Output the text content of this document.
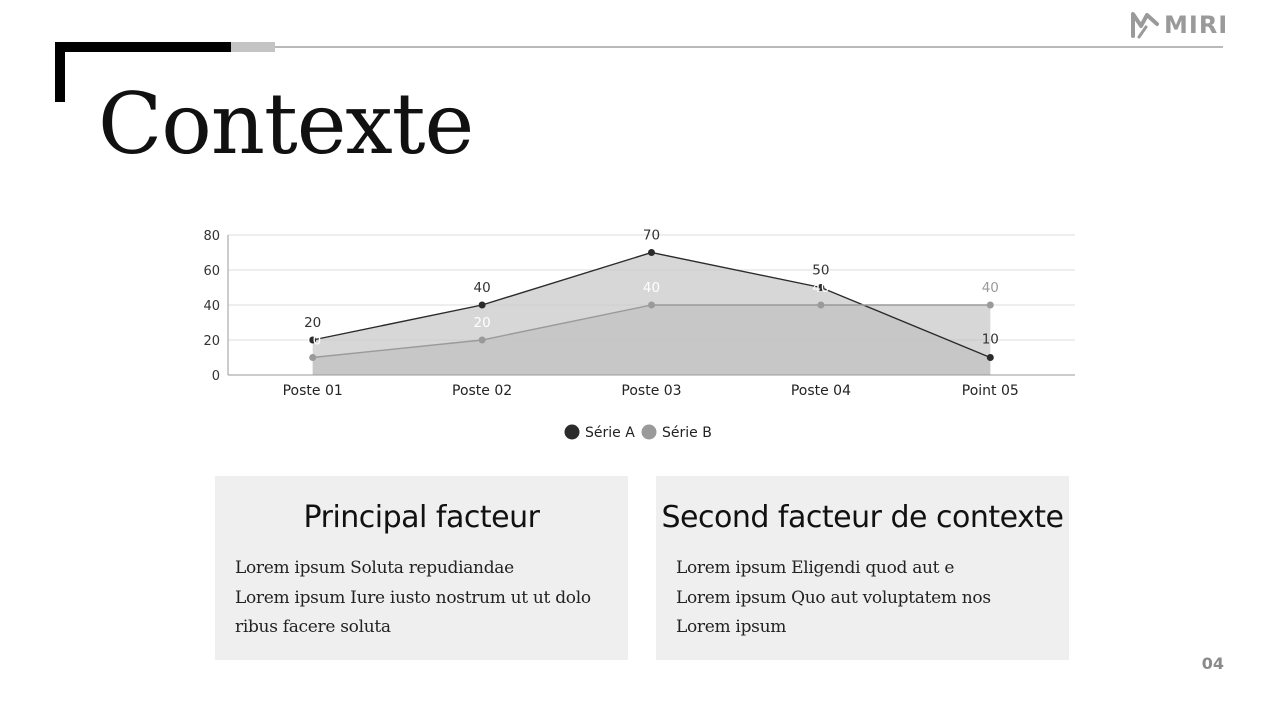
MIRI
Contexte
0
20
40
60
80
20
40
70
50
10
10
20
40	40	40
Poste 01	Poste 02	Poste 03	Poste 04	Point 05
Série A Série B
Principal facteur
Lorem ipsum Soluta repudiandae
Lorem ipsum Iure iusto nostrum ut ut dolo
ribus facere soluta
Second facteur de contexte
Lorem ipsum Eligendi quod aut e
Lorem ipsum Quo aut voluptatem nos
Lorem ipsum
04
